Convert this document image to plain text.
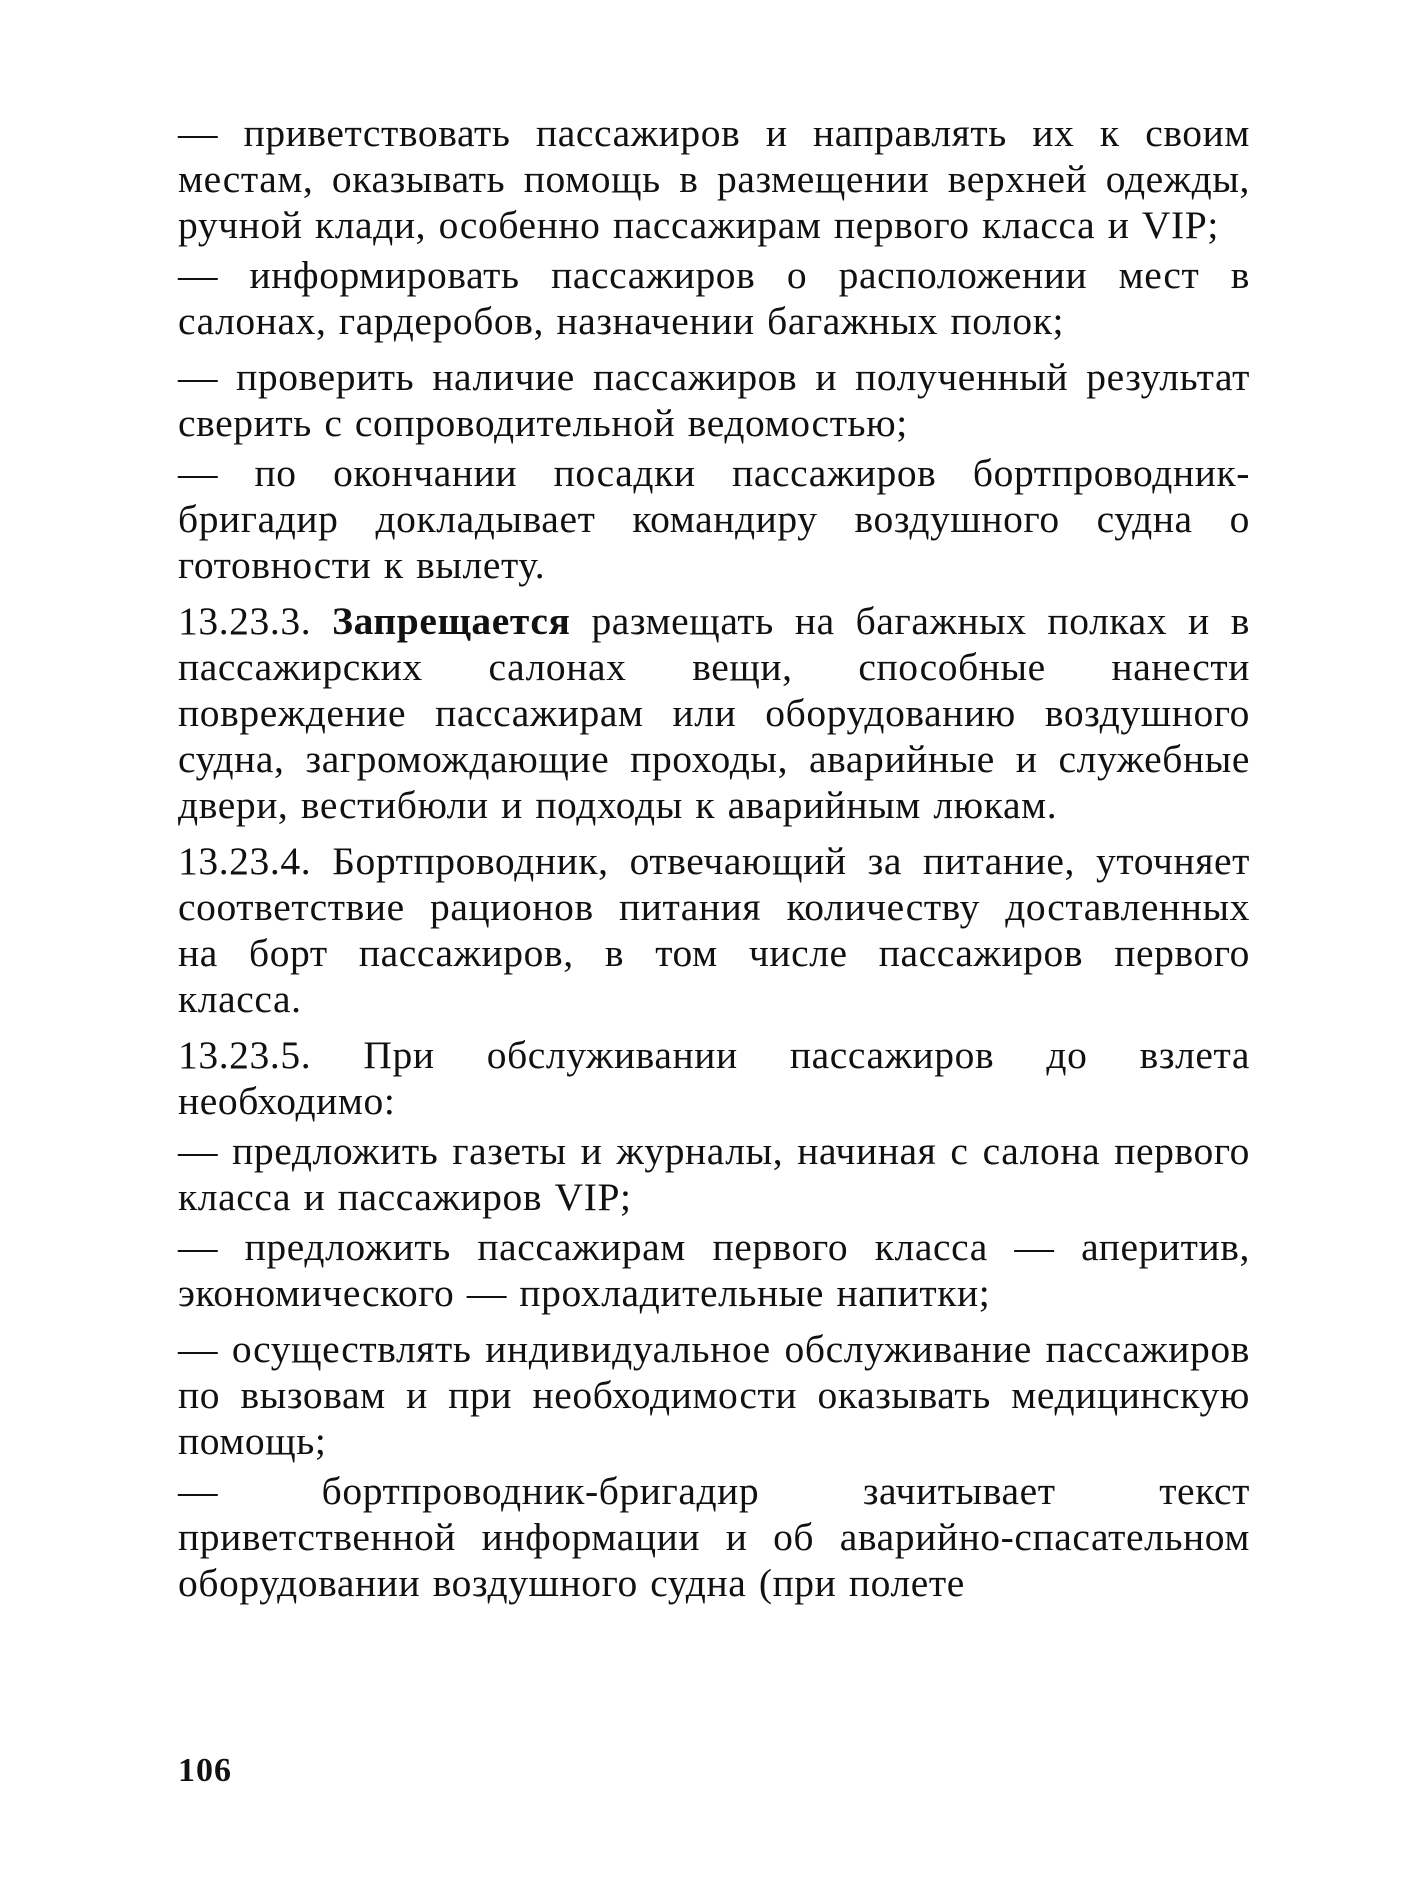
— приветствовать пассажиров и направлять их к своим местам, оказывать помощь в размещении верхней одежды, ручной клади, особенно пассажирам первого класса и VIP;

— информировать пассажиров о расположении мест в салонах, гардеробов, назначении багажных полок;

— проверить наличие пассажиров и полученный результат сверить с сопроводительной ведомостью;

— по окончании посадки пассажиров бортпроводник-бригадир докладывает командиру воздушного судна о готовности к вылету.

13.23.3. Запрещается размещать на багажных полках и в пассажирских салонах вещи, способные нанести повреждение пассажирам или оборудованию воздушного судна, загромождающие проходы, аварийные и служебные двери, вестибюли и подходы к аварийным люкам.

13.23.4. Бортпроводник, отвечающий за питание, уточняет соответствие рационов питания количеству доставленных на борт пассажиров, в том числе пассажиров первого класса.

13.23.5. При обслуживании пассажиров до взлета необходимо:

— предложить газеты и журналы, начиная с салона первого класса и пассажиров VIP;

— предложить пассажирам первого класса — аперитив, экономического — прохладительные напитки;

— осуществлять индивидуальное обслуживание пассажиров по вызовам и при необходимости оказывать медицинскую помощь;

— бортпроводник-бригадир зачитывает текст приветственной информации и об аварийно-спасательном оборудовании воздушного судна (при полете

106
